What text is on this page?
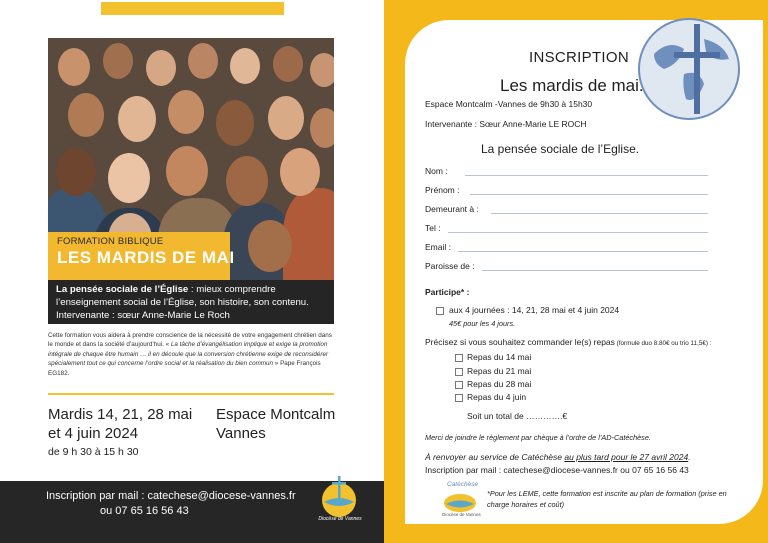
FORMATION BIBLIQUE
LES MARDIS DE MAI
La pensée sociale de l’Église : mieux comprendre l’enseignement social de l’Église, son histoire, son contenu.
Intervenante : sœur Anne-Marie Le Roch
Cette formation vous aidera à prendre conscience de la nécessité de votre engagement chrétien dans le monde et dans la société d’aujourd’hui. « La tâche d’évangélisation implique et exige la promotion intégrale de chaque être humain … il en découle que la conversion chrétienne exige de reconsidérer spécialement tout ce qui concerne l’ordre social et la réalisation du bien commun » Pape François EG182.
Mardis 14, 21, 28 mai
et 4 juin 2024
de 9 h 30 à 15 h 30
Espace Montcalm
Vannes
Inscription par mail : catechese@diocese-vannes.fr
ou 07 65 16 56 43
Diocèse de Vannes
INSCRIPTION
Les mardis de mai.
Espace Montcalm -Vannes de 9h30 à 15h30
Intervenante : Sœur Anne-Marie LE ROCH
La pensée sociale de l’Eglise.
Nom :
Prénom :
Demeurant à :
Tel :
Email :
Paroisse de :
Participe* :
aux 4 journées : 14, 21, 28 mai et 4 juin 2024
45€ pour les 4 jours.
Précisez si vous souhaitez commander le(s) repas (formule duo 8.80€ ou trio 11,5€) :
Repas du 14 mai
Repas du 21 mai
Repas du 28 mai
Repas du 4 juin
Soit un total de ………….€
Merci de joindre le règlement par chèque à l’ordre de l’AD-Catéchèse.
À renvoyer au service de Catéchèse au plus tard pour le 27 avril 2024.
Inscription par mail : catechese@diocese-vannes.fr ou 07 65 16 56 43
Catéchèse
Diocèse de Vannes
*Pour les LEME, cette formation est inscrite au plan de formation (prise en charge horaires et coût)
